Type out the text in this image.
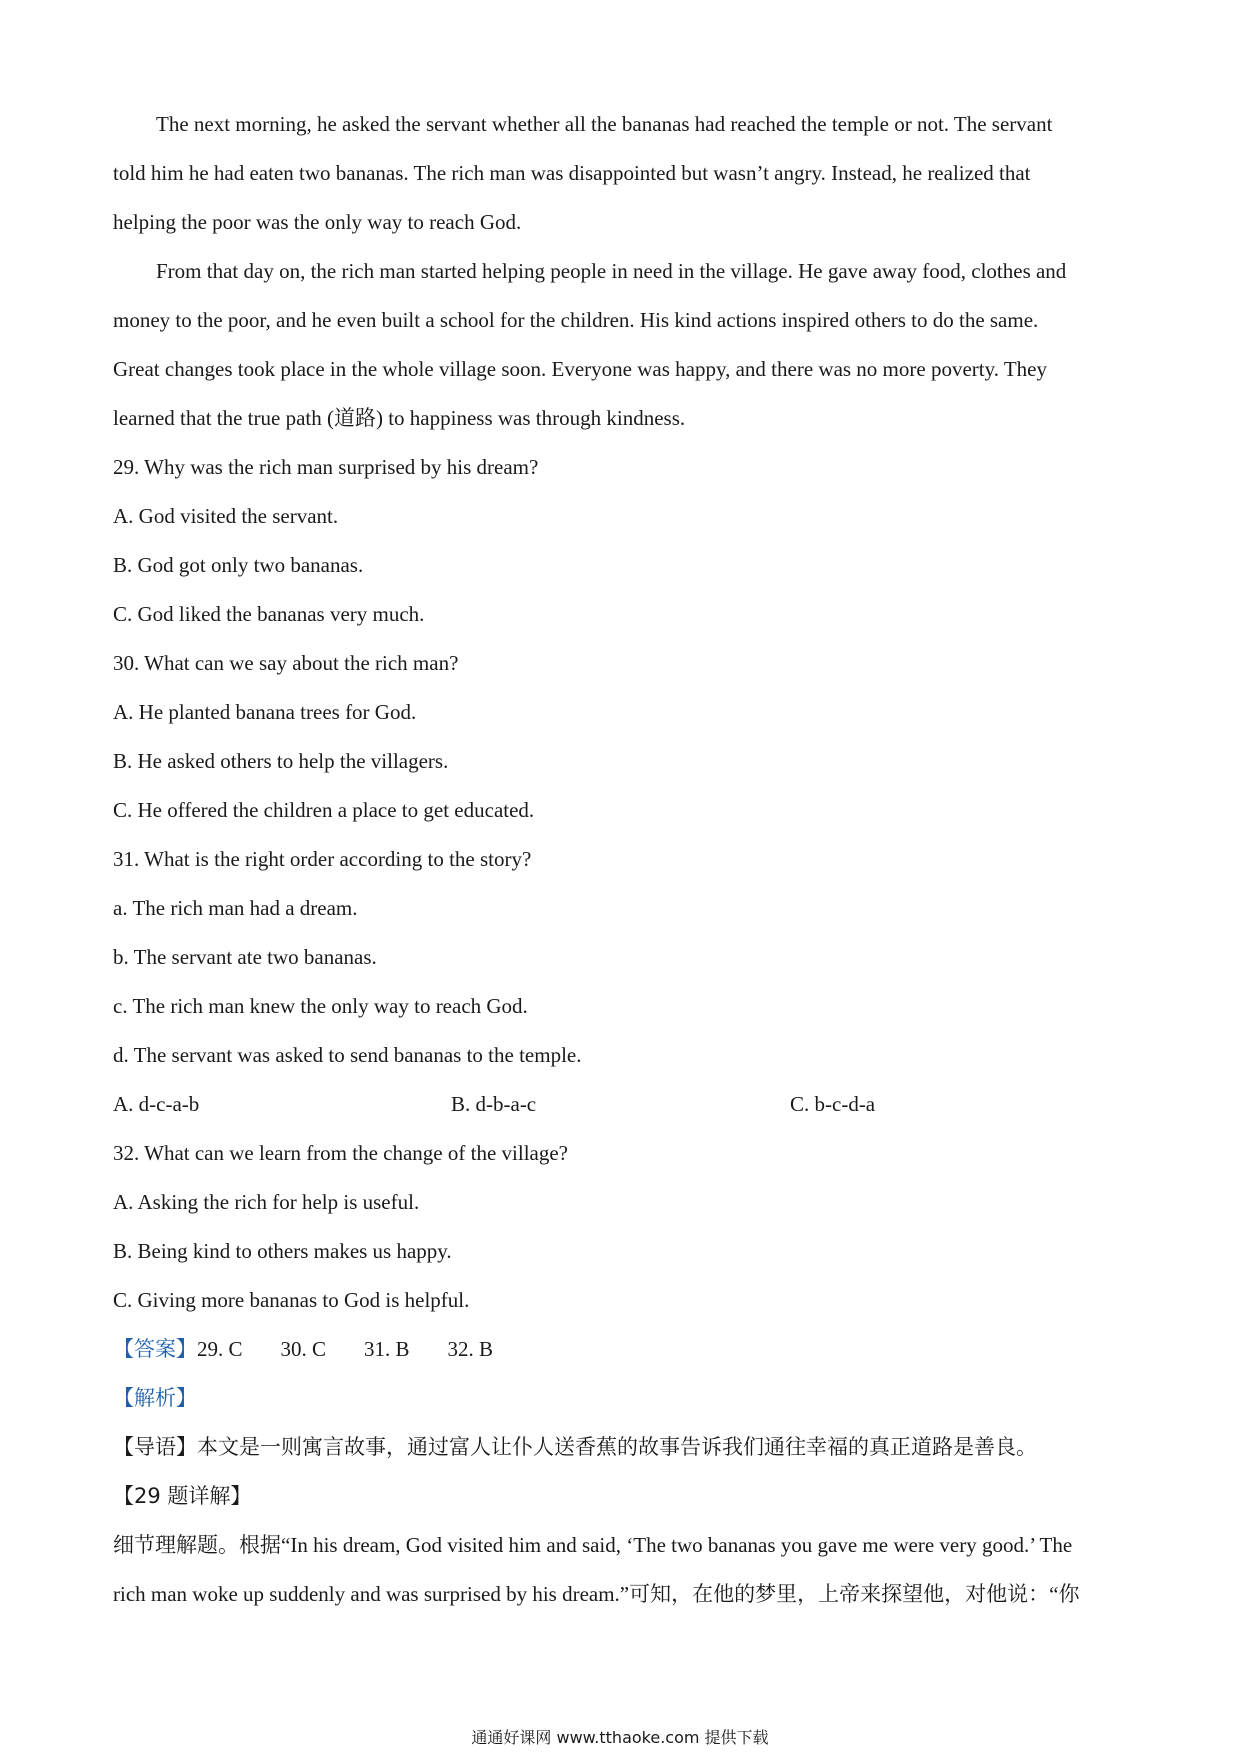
The next morning, he asked the servant whether all the bananas had reached the temple or not. The servant
told him he had eaten two bananas. The rich man was disappointed but wasn’t angry. Instead, he realized that
helping the poor was the only way to reach God.
From that day on, the rich man started helping people in need in the village. He gave away food, clothes and
money to the poor, and he even built a school for the children. His kind actions inspired others to do the same.
Great changes took place in the whole village soon. Everyone was happy, and there was no more poverty. They
learned that the true path (道路) to happiness was through kindness.
29. Why was the rich man surprised by his dream?
A. God visited the servant.
B. God got only two bananas.
C. God liked the bananas very much.
30. What can we say about the rich man?
A. He planted banana trees for God.
B. He asked others to help the villagers.
C. He offered the children a place to get educated.
31. What is the right order according to the story?
a. The rich man had a dream.
b. The servant ate two bananas.
c. The rich man knew the only way to reach God.
d. The servant was asked to send bananas to the temple.
A. d-c-a-b	B. d-b-a-c	C. b-c-d-a
32. What can we learn from the change of the village?
A. Asking the rich for help is useful.
B. Being kind to others makes us happy.
C. Giving more bananas to God is helpful.
【答案】29. C 30. C 31. B 32. B
【解析】
【导语】本文是一则寓言故事，通过富人让仆人送香蕉的故事告诉我们通往幸福的真正道路是善良。
【29 题详解】
细节理解题。根据“In his dream, God visited him and said, ‘The two bananas you gave me were very good.’ The
rich man woke up suddenly and was surprised by his dream.”可知，在他的梦里，上帝来探望他，对他说：“你
通通好课网 www.tthaoke.com 提供下载
